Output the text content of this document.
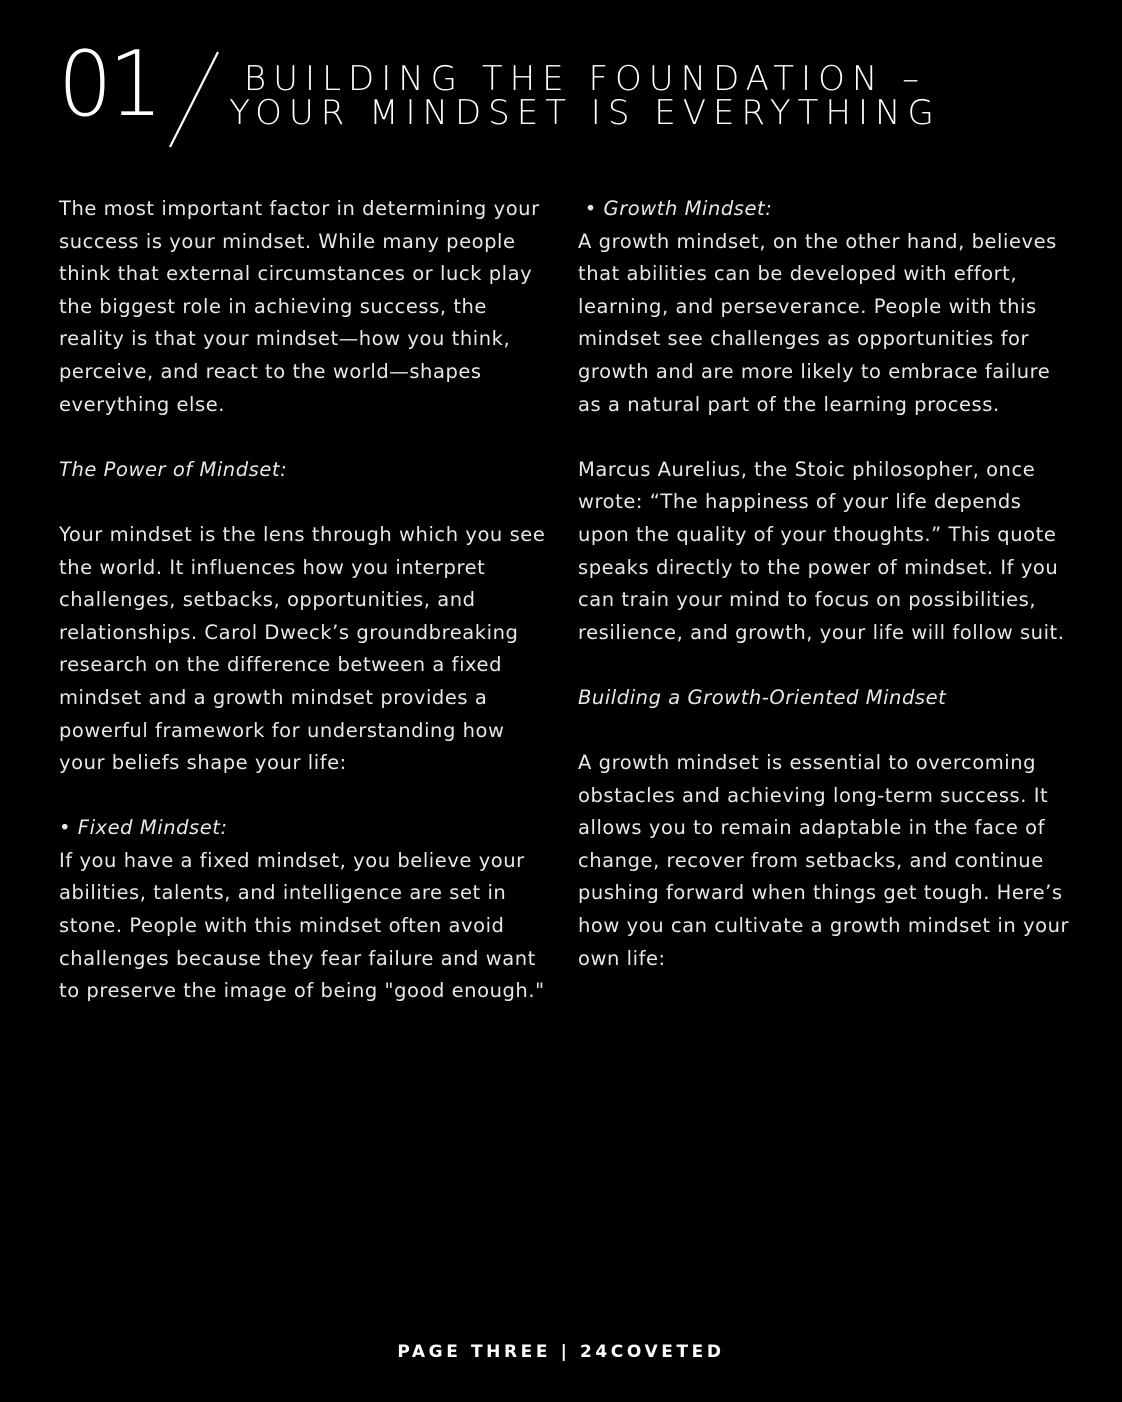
01	BUILDING THE FOUNDATION –
YOUR MINDSET IS EVERYTHING

The most important factor in determining your success is your mindset. While many people think that external circumstances or luck play the biggest role in achieving success, the reality is that your mindset—how you think, perceive, and react to the world—shapes everything else.

The Power of Mindset:

Your mindset is the lens through which you see the world. It influences how you interpret challenges, setbacks, opportunities, and relationships. Carol Dweck’s groundbreaking research on the difference between a fixed mindset and a growth mindset provides a powerful framework for understanding how your beliefs shape your life:

• Fixed Mindset:

If you have a fixed mindset, you believe your abilities, talents, and intelligence are set in stone. People with this mindset often avoid challenges because they fear failure and want to preserve the image of being "good enough."

• Growth Mindset:

A growth mindset, on the other hand, believes that abilities can be developed with effort, learning, and perseverance. People with this mindset see challenges as opportunities for growth and are more likely to embrace failure as a natural part of the learning process.

Marcus Aurelius, the Stoic philosopher, once wrote: “The happiness of your life depends upon the quality of your thoughts.” This quote speaks directly to the power of mindset. If you can train your mind to focus on possibilities, resilience, and growth, your life will follow suit.

Building a Growth-Oriented Mindset

A growth mindset is essential to overcoming obstacles and achieving long-term success. It allows you to remain adaptable in the face of change, recover from setbacks, and continue pushing forward when things get tough. Here’s how you can cultivate a growth mindset in your own life:

PAGE THREE | 24COVETED
